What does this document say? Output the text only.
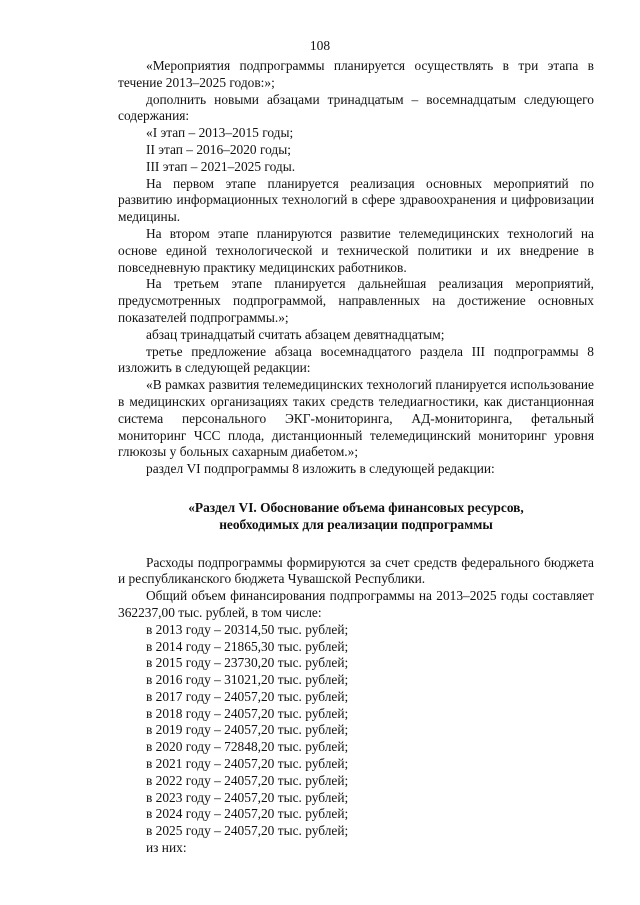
108

«Мероприятия подпрограммы планируется осуществлять в три этапа в течение 2013–2025 годов:»;

дополнить новыми абзацами тринадцатым – восемнадцатым следующего содержания:

«I этап – 2013–2015 годы;

II этап – 2016–2020 годы;

III этап – 2021–2025 годы.

На первом этапе планируется реализация основных мероприятий по развитию информационных технологий в сфере здравоохранения и цифровизации медицины.

На втором этапе планируются развитие телемедицинских технологий на основе единой технологической и технической политики и их внедрение в повседневную практику медицинских работников.

На третьем этапе планируется дальнейшая реализация мероприятий, предусмотренных подпрограммой, направленных на достижение основных показателей подпрограммы.»;

абзац тринадцатый считать абзацем девятнадцатым;

третье предложение абзаца восемнадцатого раздела III подпрограммы 8 изложить в следующей редакции:

«В рамках развития телемедицинских технологий планируется использование в медицинских организациях таких средств теледиагностики, как дистанционная система персонального ЭКГ-мониторинга, АД-мониторинга, фетальный мониторинг ЧСС плода, дистанционный телемедицинский мониторинг уровня глюкозы у больных сахарным диабетом.»;

раздел VI подпрограммы 8 изложить в следующей редакции:

«Раздел VI. Обоснование объема финансовых ресурсов,
необходимых для реализации подпрограммы

Расходы подпрограммы формируются за счет средств федерального бюджета и республиканского бюджета Чувашской Республики.

Общий объем финансирования подпрограммы на 2013–2025 годы составляет 362237,00 тыс. рублей, в том числе:

в 2013 году – 20314,50 тыс. рублей;

в 2014 году – 21865,30 тыс. рублей;

в 2015 году – 23730,20 тыс. рублей;

в 2016 году – 31021,20 тыс. рублей;

в 2017 году – 24057,20 тыс. рублей;

в 2018 году – 24057,20 тыс. рублей;

в 2019 году – 24057,20 тыс. рублей;

в 2020 году – 72848,20 тыс. рублей;

в 2021 году – 24057,20 тыс. рублей;

в 2022 году – 24057,20 тыс. рублей;

в 2023 году – 24057,20 тыс. рублей;

в 2024 году – 24057,20 тыс. рублей;

в 2025 году – 24057,20 тыс. рублей;

из них:
